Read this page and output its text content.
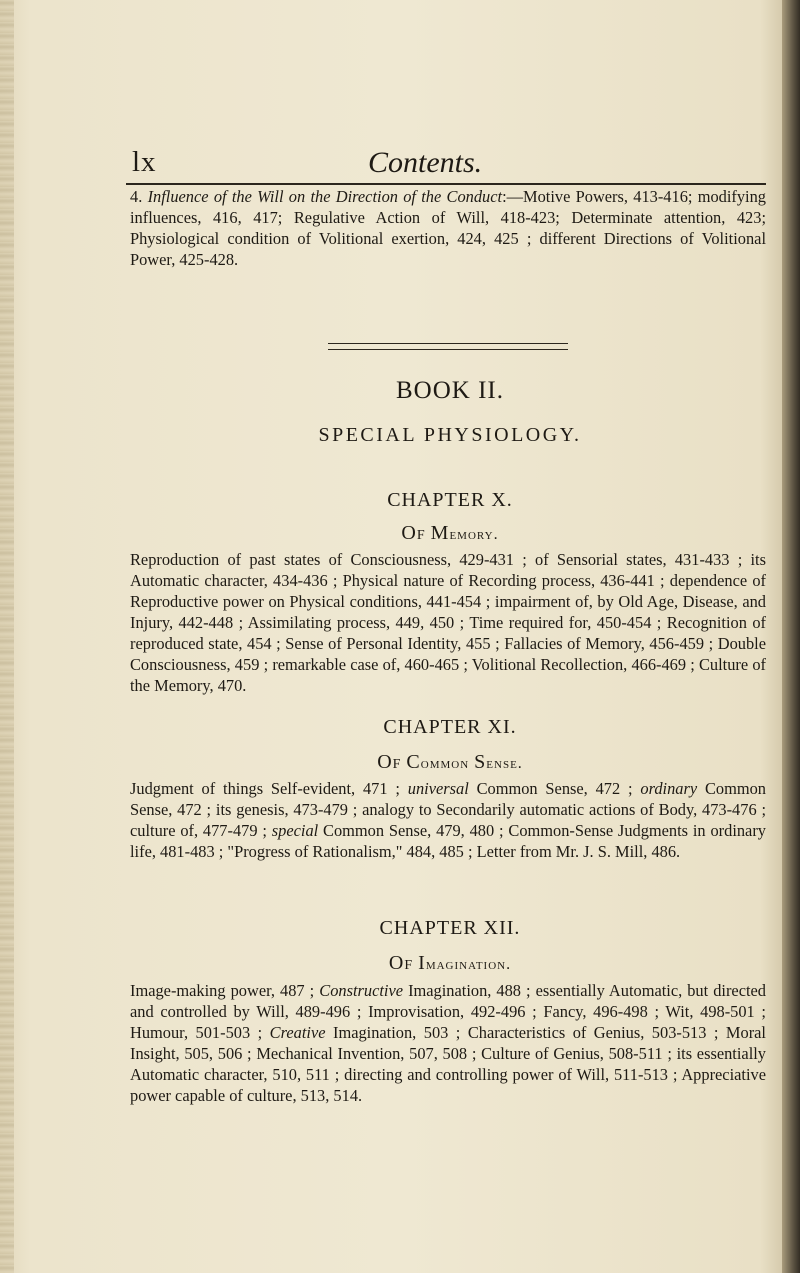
lx	Contents.
4. Influence of the Will on the Direction of the Conduct:—Motive Powers, 413-416; modifying influences, 416, 417; Regulative Action of Will, 418-423; Determinate attention, 423; Physiological condition of Volitional exertion, 424, 425 ; different Directions of Volitional Power, 425-428.
BOOK II.
SPECIAL PHYSIOLOGY.
CHAPTER X.
Of Memory.
Reproduction of past states of Consciousness, 429-431 ; of Sensorial states, 431-433 ; its Automatic character, 434-436 ; Physical nature of Recording process, 436-441 ; dependence of Reproductive power on Physical conditions, 441-454 ; impairment of, by Old Age, Disease, and Injury, 442-448 ; Assimilating process, 449, 450 ; Time required for, 450-454 ; Recognition of reproduced state, 454 ; Sense of Personal Identity, 455 ; Fallacies of Memory, 456-459 ; Double Consciousness, 459 ; remarkable case of, 460-465 ; Volitional Recollection, 466-469 ; Culture of the Memory, 470.
CHAPTER XI.
Of Common Sense.
Judgment of things Self-evident, 471 ; universal Common Sense, 472 ; ordinary Common Sense, 472 ; its genesis, 473-479 ; analogy to Secondarily automatic actions of Body, 473-476 ; culture of, 477-479 ; special Common Sense, 479, 480 ; Common-Sense Judgments in ordinary life, 481-483 ; "Progress of Rationalism," 484, 485 ; Letter from Mr. J. S. Mill, 486.
CHAPTER XII.
Of Imagination.
Image-making power, 487 ; Constructive Imagination, 488 ; essentially Automatic, but directed and controlled by Will, 489-496 ; Improvisation, 492-496 ; Fancy, 496-498 ; Wit, 498-501 ; Humour, 501-503 ; Creative Imagination, 503 ; Characteristics of Genius, 503-513 ; Moral Insight, 505, 506 ; Mechanical Invention, 507, 508 ; Culture of Genius, 508-511 ; its essentially Automatic character, 510, 511 ; directing and controlling power of Will, 511-513 ; Appreciative power capable of culture, 513, 514.
